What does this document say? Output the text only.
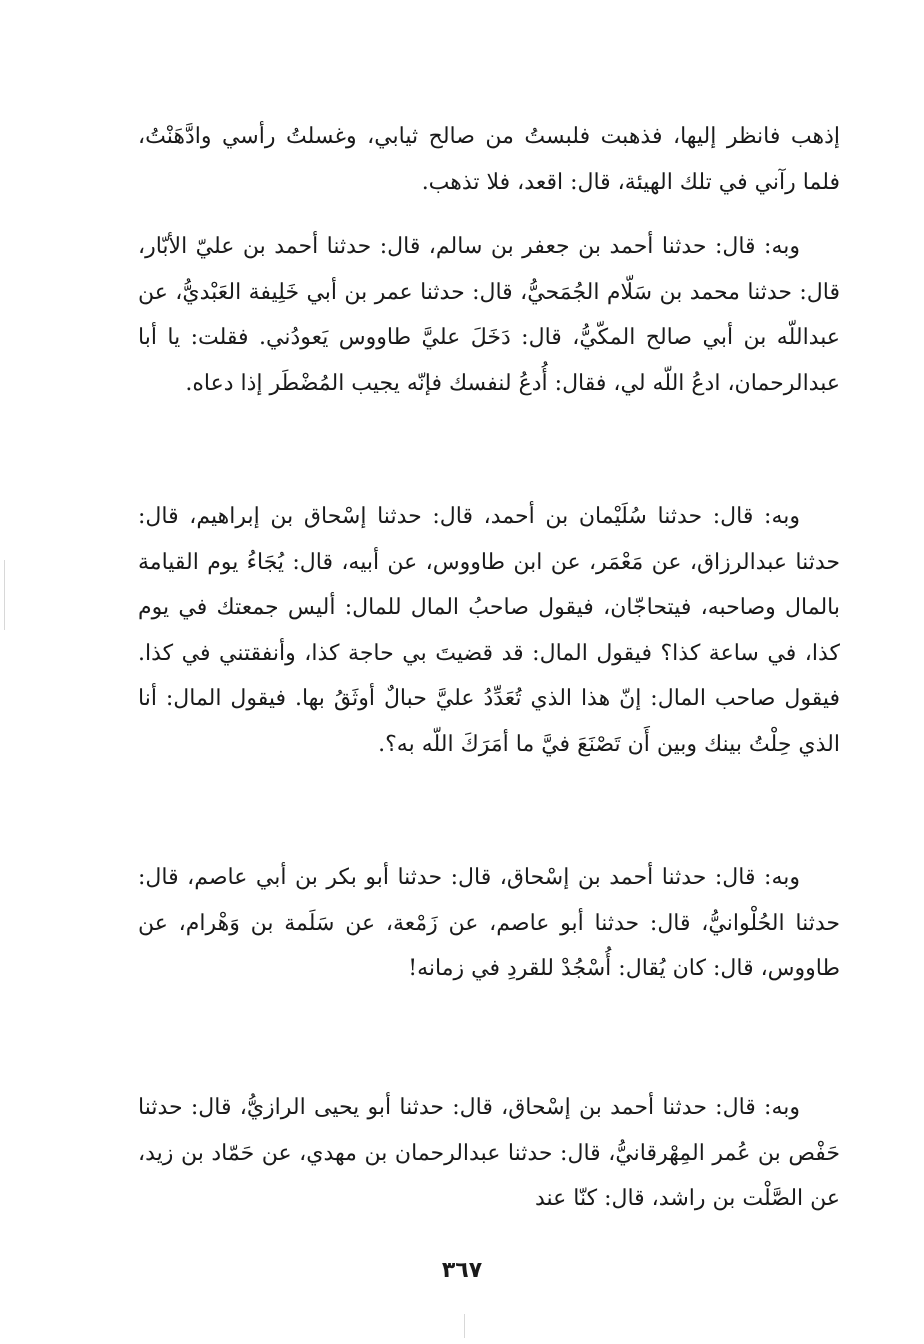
إذهب فانظر إليها، فذهبت فلبستُ من صالح ثيابي، وغسلتُ رأسي وادَّهَنْتُ، فلما رآني في تلك الهيئة، قال: اقعد، فلا تذهب.

وبه: قال: حدثنا أحمد بن جعفر بن سالم، قال: حدثنا أحمد بن عليّ الأبّار، قال: حدثنا محمد بن سَلّام الجُمَحيُّ، قال: حدثنا عمر بن أبي خَلِيفة العَبْديُّ، عن عبداللّه بن أبي صالح المكّيُّ، قال: دَخَلَ عليَّ طاووس يَعودُني. فقلت: يا أبا عبدالرحمان، ادعُ اللّه لي، فقال: أُدعُ لنفسك فإنّه يجيب المُضْطَر إذا دعاه.

وبه: قال: حدثنا سُلَيْمان بن أحمد، قال: حدثنا إسْحاق بن إبراهيم، قال: حدثنا عبدالرزاق، عن مَعْمَر، عن ابن طاووس، عن أبيه، قال: يُجَاءُ يوم القيامة بالمال وصاحبه، فيتحاجّان، فيقول صاحبُ المال للمال: أليس جمعتك في يوم كذا، في ساعة كذا؟ فيقول المال: قد قضيتَ بي حاجة كذا، وأنفقتني في كذا. فيقول صاحب المال: إنّ هذا الذي تُعَدِّدُ عليَّ حبالٌ أوثَقُ بها. فيقول المال: أنا الذي حِلْتُ بينك وبين أَن تَصْنَعَ فيَّ ما أمَرَكَ اللّه به؟.

وبه: قال: حدثنا أحمد بن إسْحاق، قال: حدثنا أبو بكر بن أبي عاصم، قال: حدثنا الحُلْوانيُّ، قال: حدثنا أبو عاصم، عن زَمْعة، عن سَلَمة بن وَهْرام، عن طاووس، قال: كان يُقال: أُسْجُدْ للقردِ في زمانه!

وبه: قال: حدثنا أحمد بن إسْحاق، قال: حدثنا أبو يحيى الرازيُّ، قال: حدثنا حَفْص بن عُمر المِهْرقانيُّ، قال: حدثنا عبدالرحمان بن مهدي، عن حَمّاد بن زيد، عن الصَّلْت بن راشد، قال: كنّا عند

٣٦٧
